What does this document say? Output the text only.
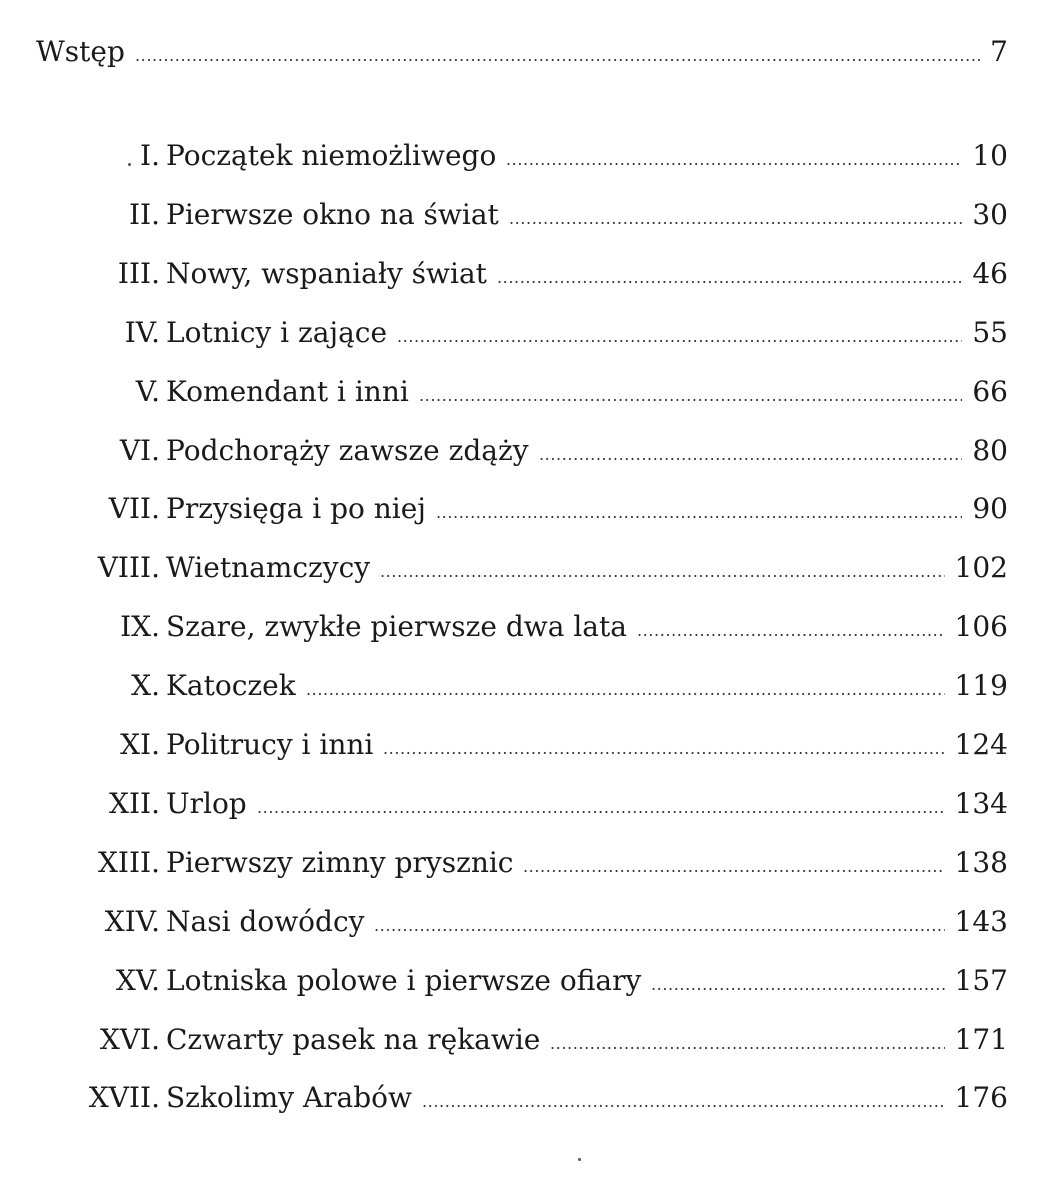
Wstęp .....	7
I. Początek niemożliwego .....	10
II. Pierwsze okno na świat .....	30
III. Nowy, wspaniały świat .....	46
IV. Lotnicy i zające .....	55
V. Komendant i inni .....	66
VI. Podchorąży zawsze zdąży .....	80
VII. Przysięga i po niej .....	90
VIII. Wietnamczycy .....	102
IX. Szare, zwykłe pierwsze dwa lata .....	106
X. Katoczek .....	119
XI. Politrucy i inni .....	124
XII. Urlop .....	134
XIII. Pierwszy zimny prysznic .....	138
XIV. Nasi dowódcy .....	143
XV. Lotniska polowe i pierwsze ofiary .....	157
XVI. Czwarty pasek na rękawie .....	171
XVII. Szkolimy Arabów .....	176
